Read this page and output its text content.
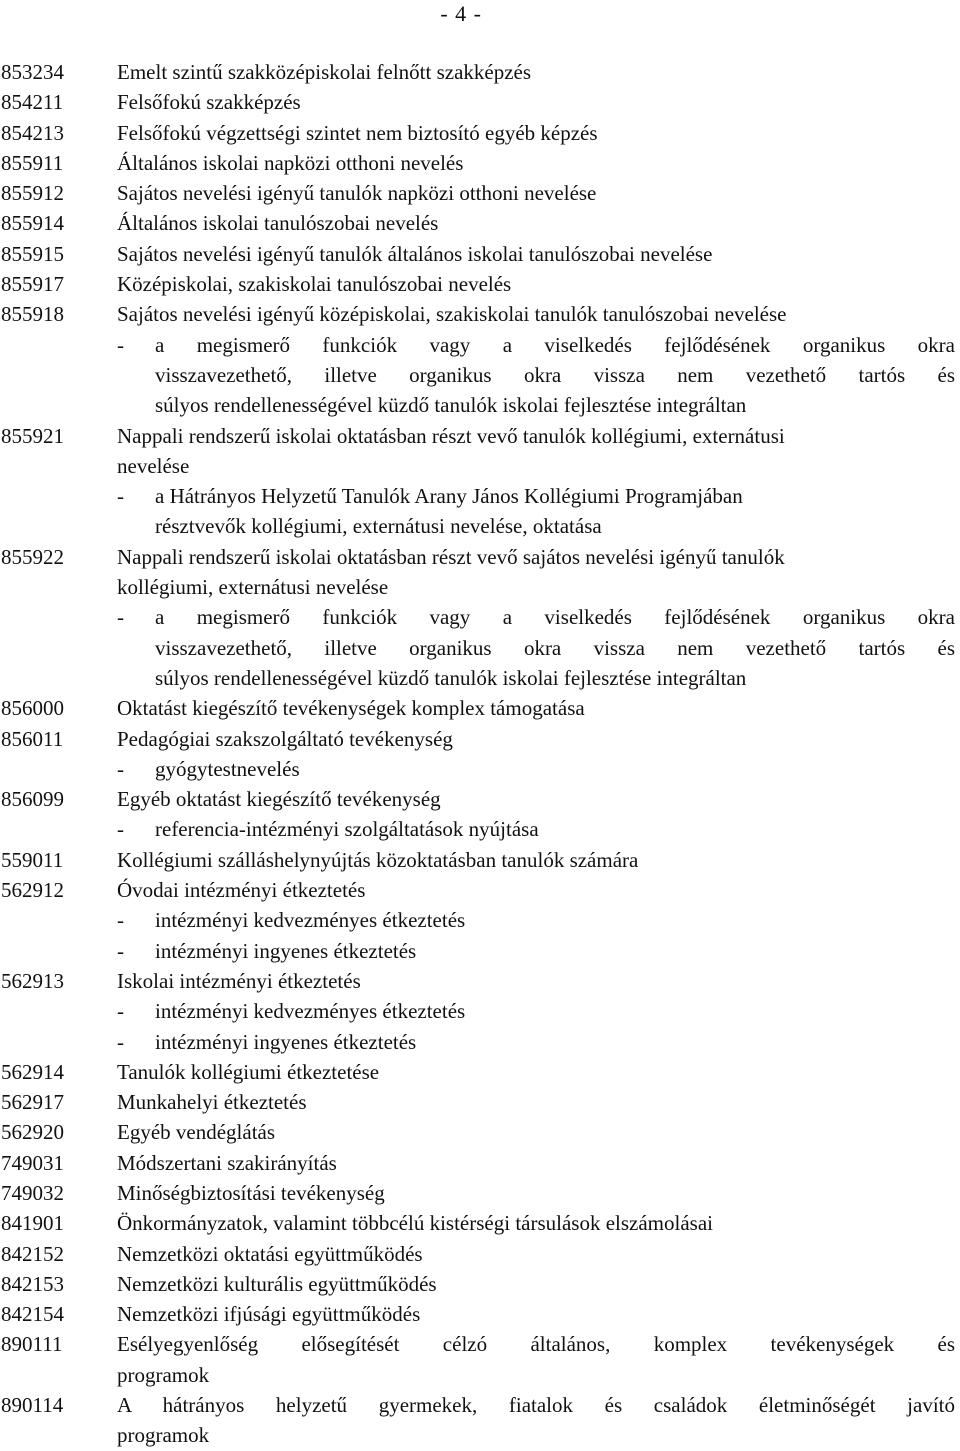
- 4 -
853234	Emelt szintű szakközépiskolai felnőtt szakképzés
854211	Felsőfokú szakképzés
854213	Felsőfokú végzettségi szintet nem biztosító egyéb képzés
855911	Általános iskolai napközi otthoni nevelés
855912	Sajátos nevelési igényű tanulók napközi otthoni nevelése
855914	Általános iskolai tanulószobai nevelés
855915	Sajátos nevelési igényű tanulók általános iskolai tanulószobai nevelése
855917	Középiskolai, szakiskolai tanulószobai nevelés
855918	Sajátos nevelési igényű középiskolai, szakiskolai tanulók tanulószobai nevelése
-	a megismerő funkciók vagy a viselkedés fejlődésének organikus okra
visszavezethető, illetve organikus okra vissza nem vezethető tartós és
súlyos rendellenességével küzdő tanulók iskolai fejlesztése integráltan
855921	Nappali rendszerű iskolai oktatásban részt vevő tanulók kollégiumi, externátusi
nevelése
-	a Hátrányos Helyzetű Tanulók Arany János Kollégiumi Programjában
résztvevők kollégiumi, externátusi nevelése, oktatása
855922	Nappali rendszerű iskolai oktatásban részt vevő sajátos nevelési igényű tanulók
kollégiumi, externátusi nevelése
-	a megismerő funkciók vagy a viselkedés fejlődésének organikus okra
visszavezethető, illetve organikus okra vissza nem vezethető tartós és
súlyos rendellenességével küzdő tanulók iskolai fejlesztése integráltan
856000	Oktatást kiegészítő tevékenységek komplex támogatása
856011	Pedagógiai szakszolgáltató tevékenység
-	gyógytestnevelés
856099	Egyéb oktatást kiegészítő tevékenység
-	referencia-intézményi szolgáltatások nyújtása
559011	Kollégiumi szálláshelynyújtás közoktatásban tanulók számára
562912	Óvodai intézményi étkeztetés
-	intézményi kedvezményes étkeztetés
-	intézményi ingyenes étkeztetés
562913	Iskolai intézményi étkeztetés
-	intézményi kedvezményes étkeztetés
-	intézményi ingyenes étkeztetés
562914	Tanulók kollégiumi étkeztetése
562917	Munkahelyi étkeztetés
562920	Egyéb vendéglátás
749031	Módszertani szakirányítás
749032	Minőségbiztosítási tevékenység
841901	Önkormányzatok, valamint többcélú kistérségi társulások elszámolásai
842152	Nemzetközi oktatási együttműködés
842153	Nemzetközi kulturális együttműködés
842154	Nemzetközi ifjúsági együttműködés
890111	Esélyegyenlőség elősegítését célzó általános, komplex tevékenységek és
programok
890114	A hátrányos helyzetű gyermekek, fiatalok és családok életminőségét javító
programok
